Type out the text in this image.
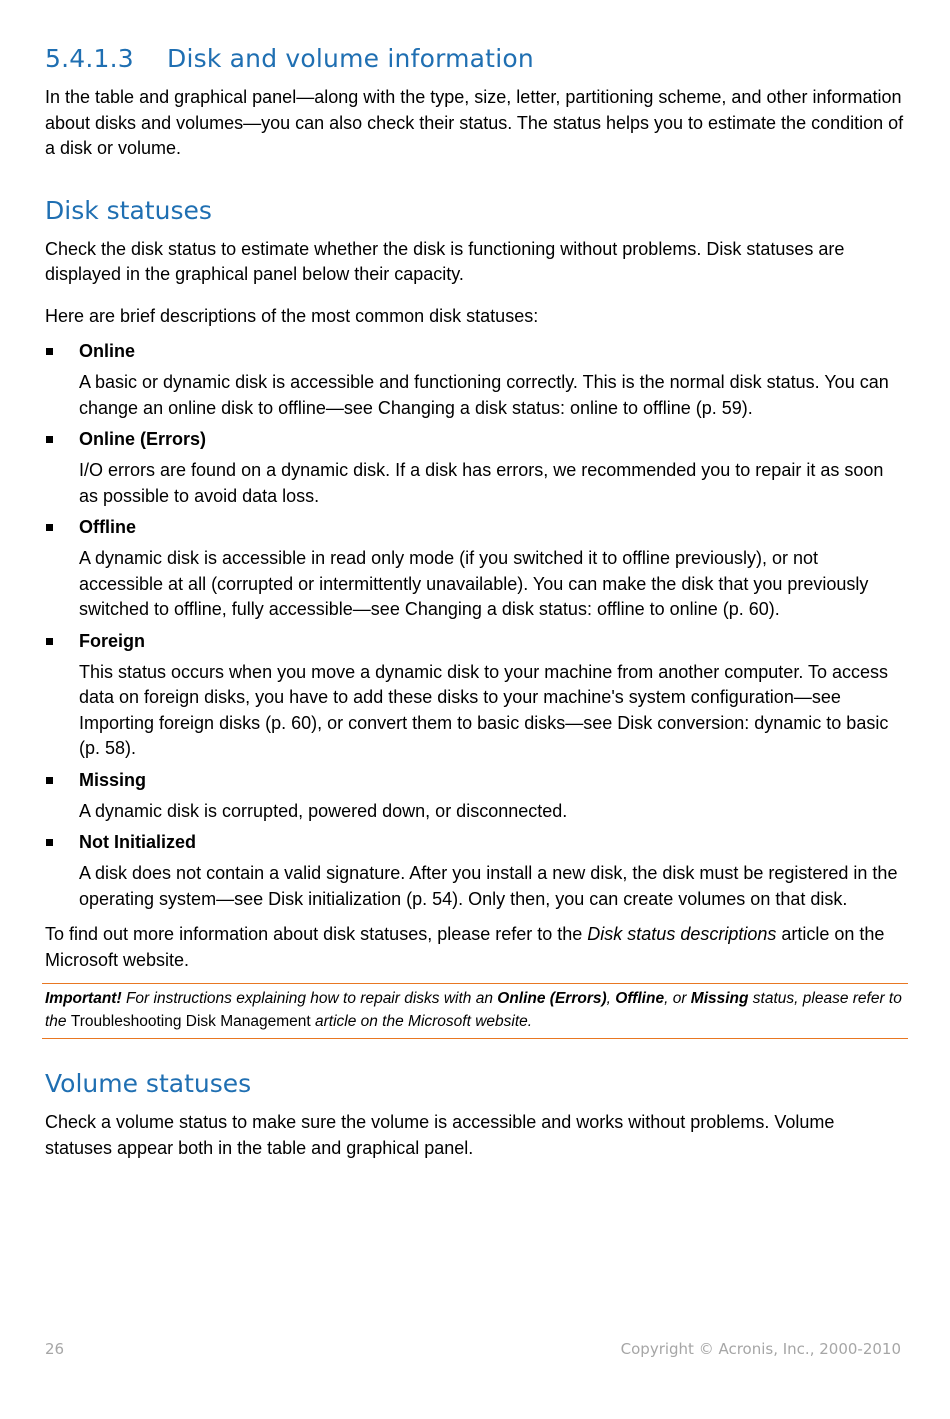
5.4.1.3 Disk and volume information

In the table and graphical panel—along with the type, size, letter, partitioning scheme, and other information about disks and volumes—you can also check their status. The status helps you to estimate the condition of a disk or volume.

Disk statuses

Check the disk status to estimate whether the disk is functioning without problems. Disk statuses are displayed in the graphical panel below their capacity.

Here are brief descriptions of the most common disk statuses:

Online
A basic or dynamic disk is accessible and functioning correctly. This is the normal disk status. You can change an online disk to offline—see Changing a disk status: online to offline (p. 59).
Online (Errors)
I/O errors are found on a dynamic disk. If a disk has errors, we recommended you to repair it as soon as possible to avoid data loss.
Offline
A dynamic disk is accessible in read only mode (if you switched it to offline previously), or not accessible at all (corrupted or intermittently unavailable). You can make the disk that you previously switched to offline, fully accessible—see Changing a disk status: offline to online (p. 60).
Foreign
This status occurs when you move a dynamic disk to your machine from another computer. To access data on foreign disks, you have to add these disks to your machine's system configuration—see Importing foreign disks (p. 60), or convert them to basic disks—see Disk conversion: dynamic to basic (p. 58).
Missing
A dynamic disk is corrupted, powered down, or disconnected.
Not Initialized
A disk does not contain a valid signature. After you install a new disk, the disk must be registered in the operating system—see Disk initialization (p. 54). Only then, you can create volumes on that disk.

To find out more information about disk statuses, please refer to the Disk status descriptions article on the Microsoft website.

Important! For instructions explaining how to repair disks with an Online (Errors), Offline, or Missing status, please refer to the Troubleshooting Disk Management article on the Microsoft website.
Volume statuses

Check a volume status to make sure the volume is accessible and works without problems. Volume statuses appear both in the table and graphical panel.

26	Copyright © Acronis, Inc., 2000-2010
